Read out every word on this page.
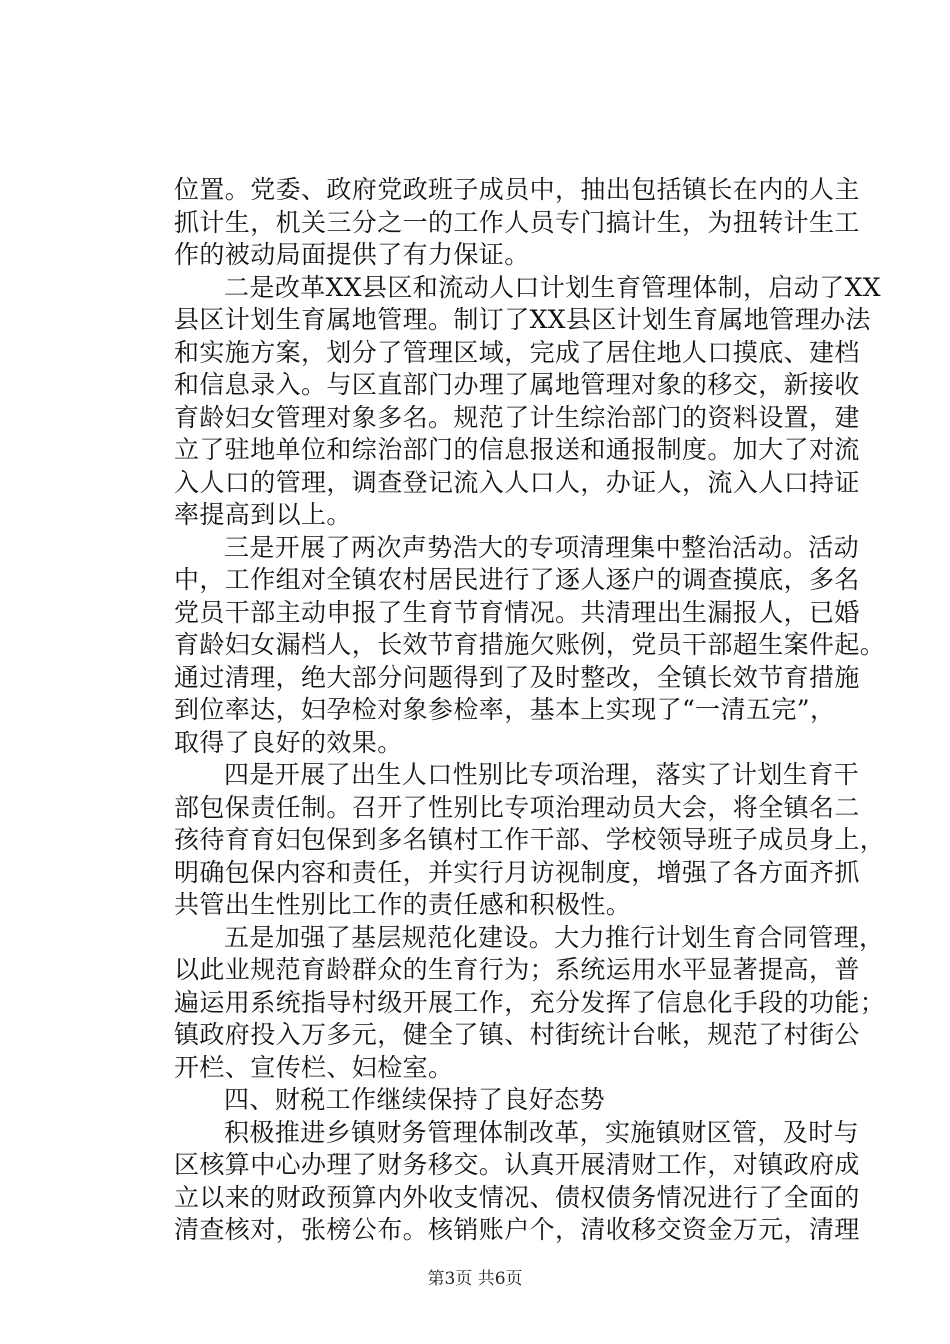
位置。党委、政府党政班子成员中，抽出包括镇长在内的人主
抓计生，机关三分之一的工作人员专门搞计生，为扭转计生工
作的被动局面提供了有力保证。
二是改革XX县区和流动人口计划生育管理体制，启动了XX
县区计划生育属地管理。制订了XX县区计划生育属地管理办法
和实施方案，划分了管理区域，完成了居住地人口摸底、建档
和信息录入。与区直部门办理了属地管理对象的移交，新接收
育龄妇女管理对象多名。规范了计生综治部门的资料设置，建
立了驻地单位和综治部门的信息报送和通报制度。加大了对流
入人口的管理，调查登记流入人口人，办证人，流入人口持证
率提高到以上。
三是开展了两次声势浩大的专项清理集中整治活动。活动
中，工作组对全镇农村居民进行了逐人逐户的调查摸底，多名
党员干部主动申报了生育节育情况。共清理出生漏报人，已婚
育龄妇女漏档人，长效节育措施欠账例，党员干部超生案件起。
通过清理，绝大部分问题得到了及时整改，全镇长效节育措施
到位率达，妇孕检对象参检率，基本上实现了“一清五完”，
取得了良好的效果。
四是开展了出生人口性别比专项治理，落实了计划生育干
部包保责任制。召开了性别比专项治理动员大会，将全镇名二
孩待育育妇包保到多名镇村工作干部、学校领导班子成员身上，
明确包保内容和责任，并实行月访视制度，增强了各方面齐抓
共管出生性别比工作的责任感和积极性。
五是加强了基层规范化建设。大力推行计划生育合同管理，
以此业规范育龄群众的生育行为；系统运用水平显著提高，普
遍运用系统指导村级开展工作，充分发挥了信息化手段的功能；
镇政府投入万多元，健全了镇、村街统计台帐，规范了村街公
开栏、宣传栏、妇检室。
四、财税工作继续保持了良好态势
积极推进乡镇财务管理体制改革，实施镇财区管，及时与
区核算中心办理了财务移交。认真开展清财工作，对镇政府成
立以来的财政预算内外收支情况、债权债务情况进行了全面的
清查核对，张榜公布。核销账户个，清收移交资金万元，清理
第3页 共6页
